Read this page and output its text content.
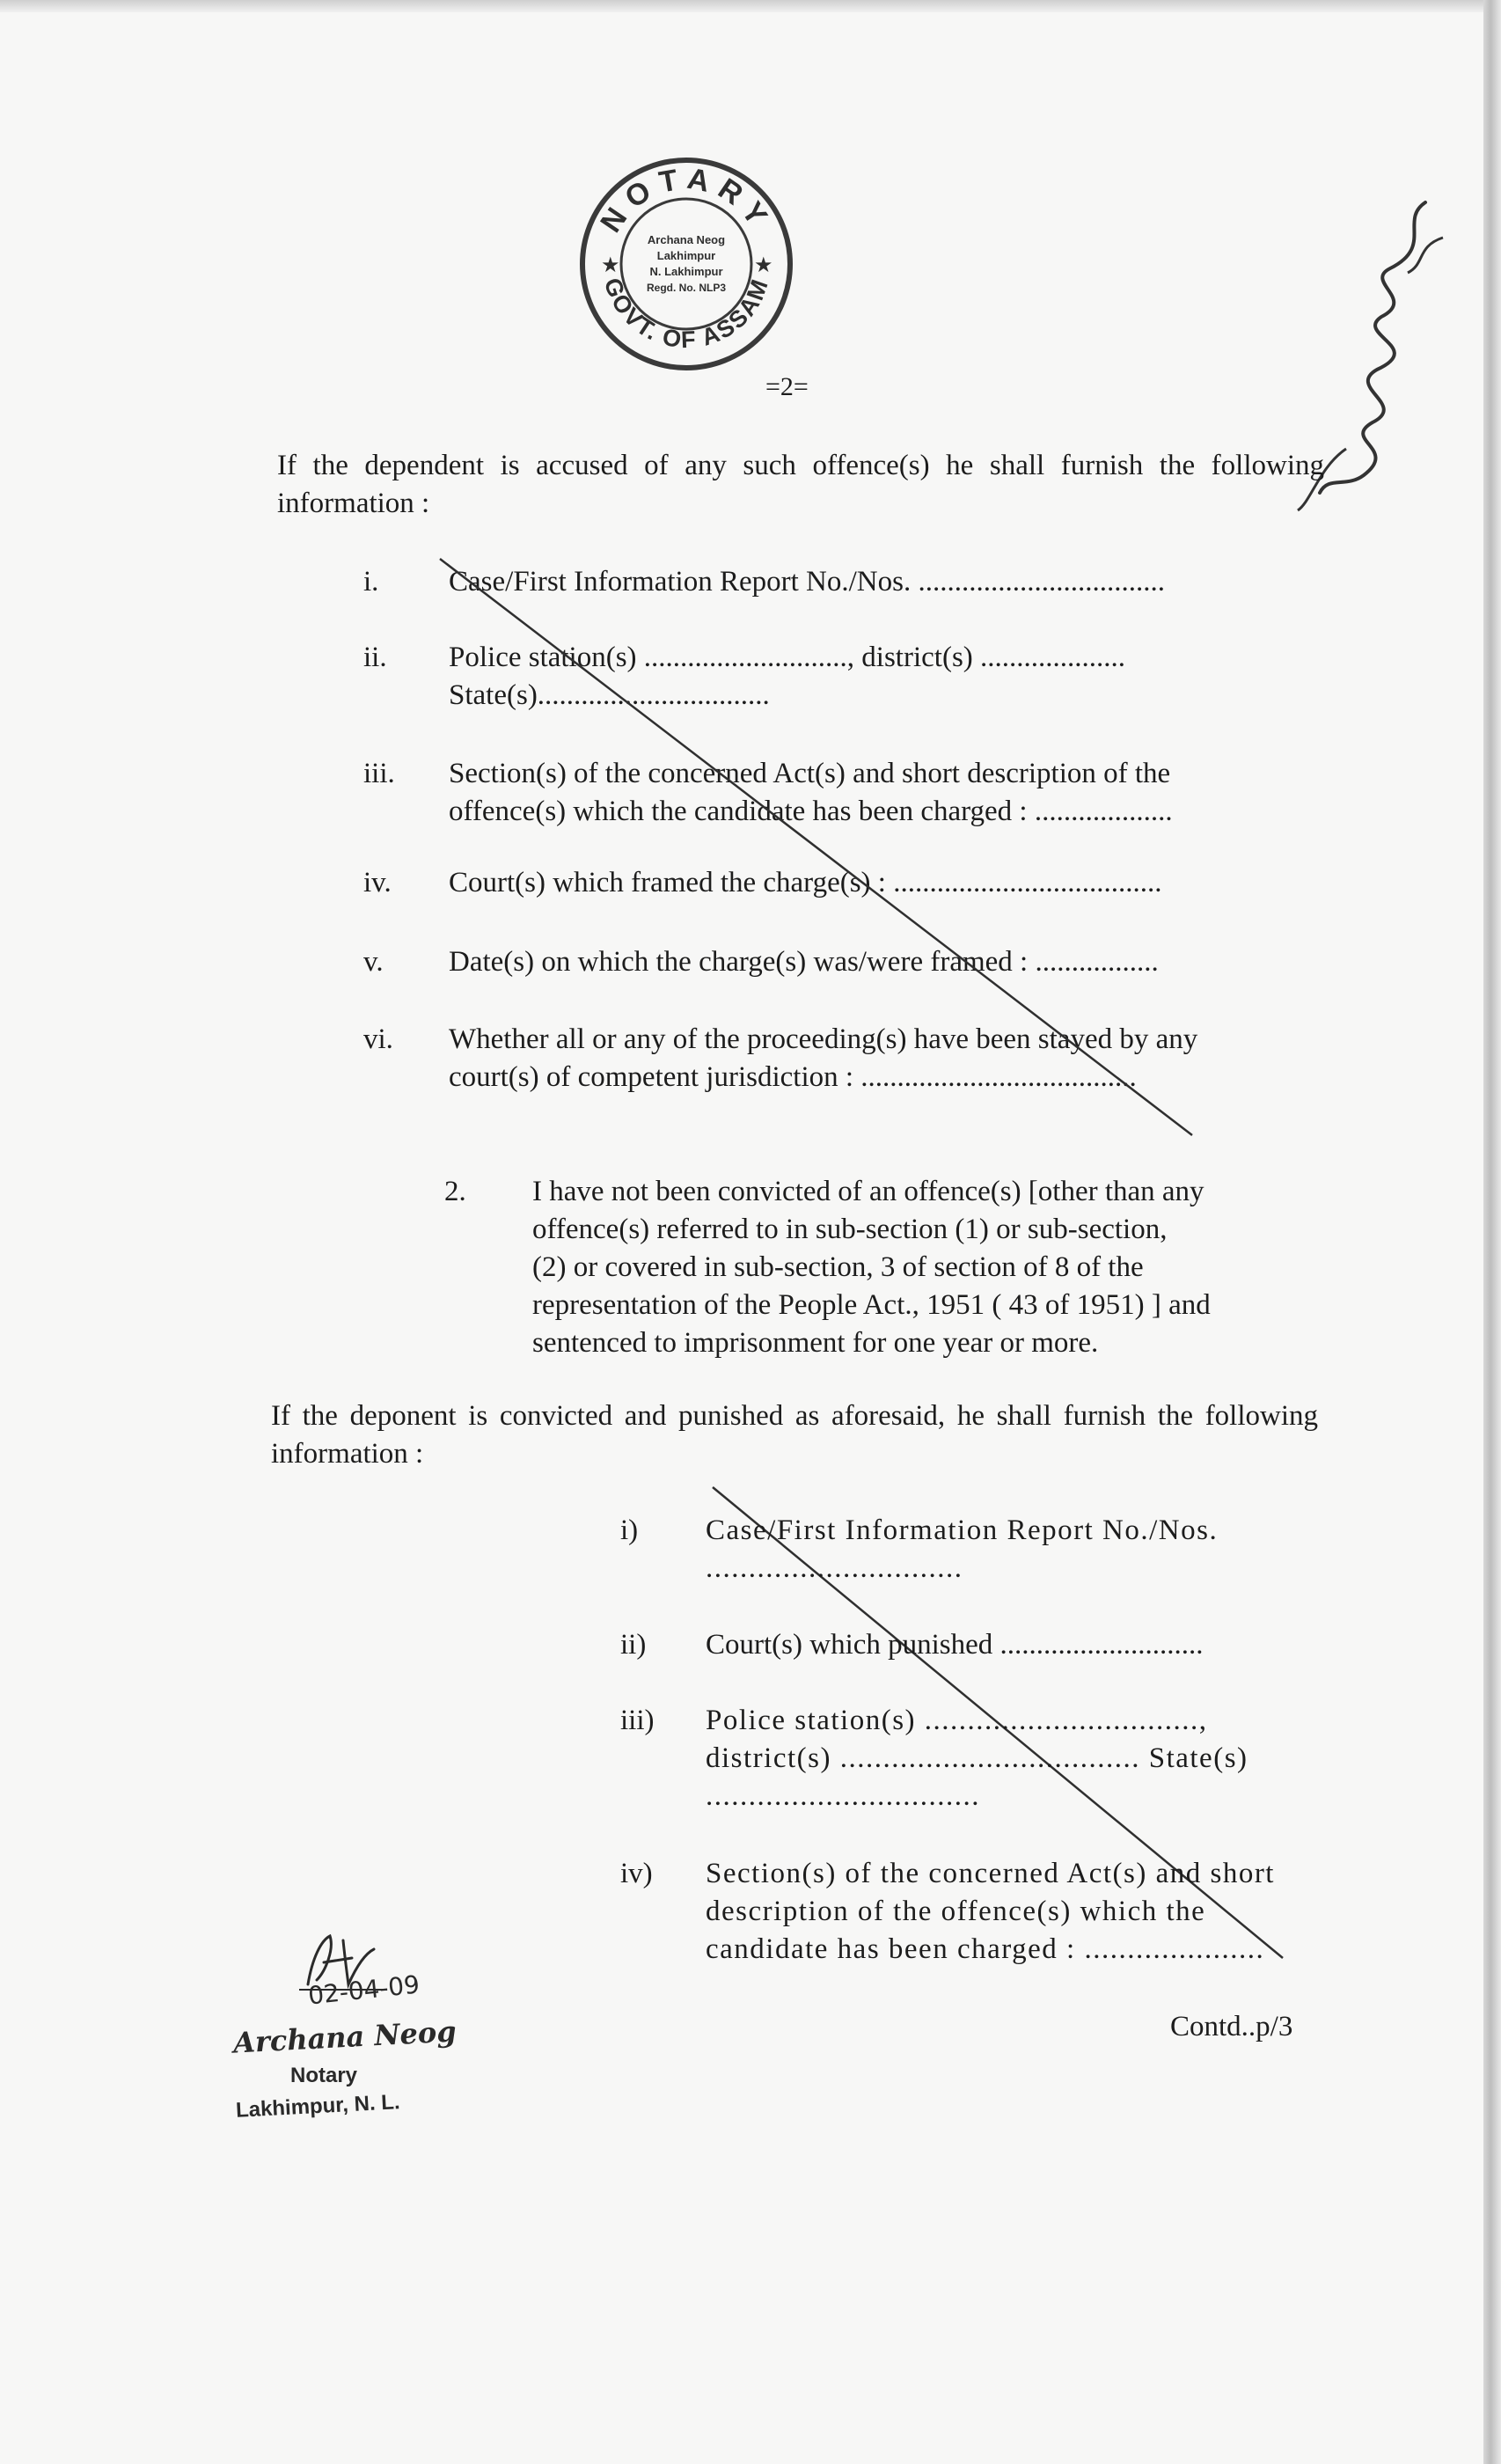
NOTARY
GOVT. OF ASSAM
★	★
Archana Neog
Lakhimpur
N. Lakhimpur
Regd. No. NLP3
=2=
If the dependent is accused of any such offence(s) he shall furnish the following information :
i.	Case/First Information Report No./Nos. ..................................
ii.	Police station(s) ............................, district(s) ....................
State(s)................................
iii.	Section(s) of the concerned Act(s) and short description of the
offence(s) which the candidate has been charged : ...................
iv.	Court(s) which framed the charge(s) : .....................................
v.	Date(s) on which the charge(s) was/were framed : .................
vi.	Whether all or any of the proceeding(s) have been stayed by any
court(s) of competent jurisdiction : ......................................
2.	I have not been convicted of an offence(s) [other than any
offence(s) referred to in sub-section (1) or sub-section,
(2) or covered in sub-section, 3 of section of 8 of the
representation of the People Act., 1951 ( 43 of 1951) ] and
sentenced to imprisonment for one year or more.
If the deponent is convicted and punished as aforesaid, he shall furnish the following information :
i)	Case/First Information Report No./Nos.
..............................
ii)	Court(s) which punished ............................
iii)	Police station(s) ................................,
district(s) ................................... State(s)
................................
iv)	Section(s) of the concerned Act(s) and short
description of the offence(s) which the
candidate has been charged : .....................
Contd..p/3
02-04-09
Archana Neog
Notary
Lakhimpur, N. L.
